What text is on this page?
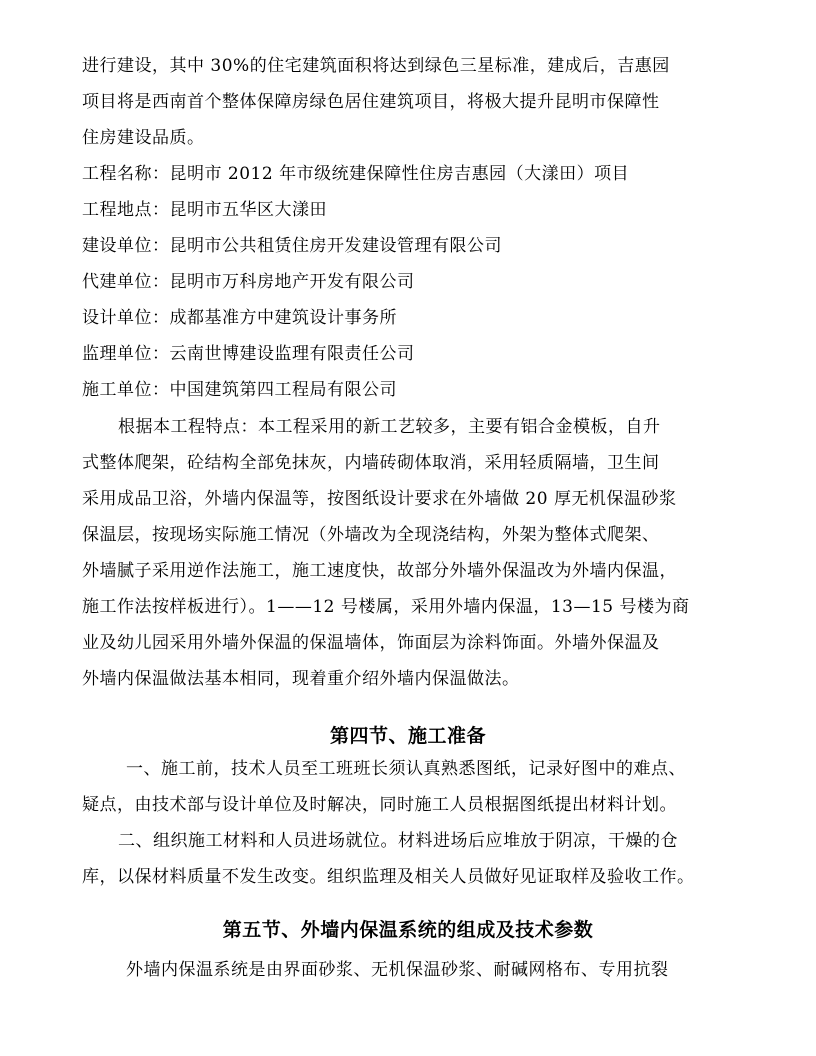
进行建设，其中 30%的住宅建筑面积将达到绿色三星标准，建成后，吉惠园
项目将是西南首个整体保障房绿色居住建筑项目，将极大提升昆明市保障性
住房建设品质。
工程名称：昆明市 2012 年市级统建保障性住房吉惠园（大漾田）项目
工程地点：昆明市五华区大漾田
建设单位：昆明市公共租赁住房开发建设管理有限公司
代建单位：昆明市万科房地产开发有限公司
设计单位：成都基准方中建筑设计事务所
监理单位：云南世博建设监理有限责任公司
施工单位：中国建筑第四工程局有限公司
根据本工程特点：本工程采用的新工艺较多，主要有铝合金模板，自升
式整体爬架，砼结构全部免抹灰，内墙砖砌体取消，采用轻质隔墙，卫生间
采用成品卫浴，外墙内保温等，按图纸设计要求在外墙做 20 厚无机保温砂浆
保温层，按现场实际施工情况（外墙改为全现浇结构，外架为整体式爬架、
外墙腻子采用逆作法施工，施工速度快，故部分外墙外保温改为外墙内保温，
施工作法按样板进行）。1——12 号楼属，采用外墙内保温，13—15 号楼为商
业及幼儿园采用外墙外保温的保温墙体，饰面层为涂料饰面。外墙外保温及
外墙内保温做法基本相同，现着重介绍外墙内保温做法。
第四节、施工准备
一、施工前，技术人员至工班班长须认真熟悉图纸，记录好图中的难点、
疑点，由技术部与设计单位及时解决，同时施工人员根据图纸提出材料计划。
二、组织施工材料和人员进场就位。材料进场后应堆放于阴凉，干燥的仓
库，以保材料质量不发生改变。组织监理及相关人员做好见证取样及验收工作。
第五节、外墙内保温系统的组成及技术参数
外墙内保温系统是由界面砂浆、无机保温砂浆、耐碱网格布、专用抗裂
